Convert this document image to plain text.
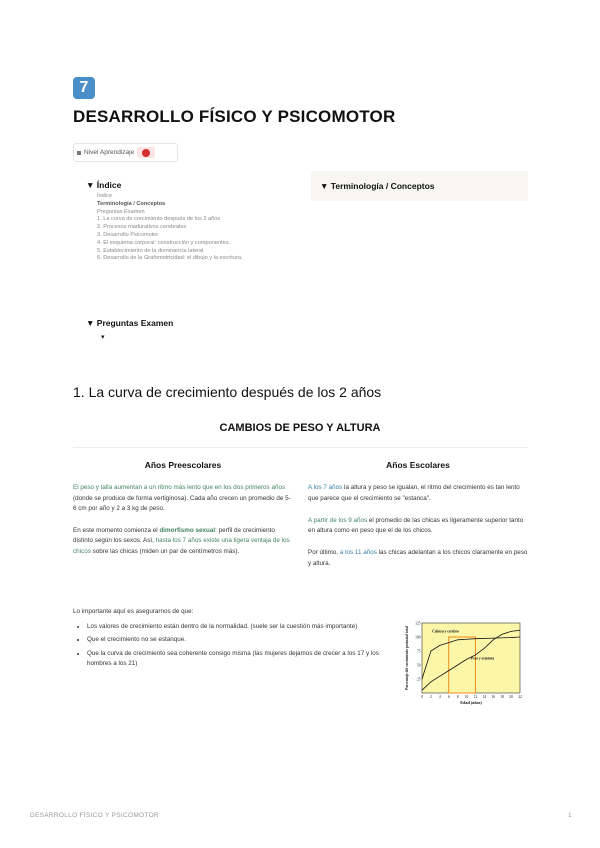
7
DESARROLLO FÍSICO Y PSICOMOTOR
Nivel Aprendizaje
▼ Índice
Índice
Terminología / Conceptos
Preguntas Examen
1. La curva de crecimiento después de los 2 años
2. Procesos madurativos cerebrales
3. Desarrollo Psicomotor
4. El esquema corporal: construcción y componentes.
5. Establecimiento de la dominancia lateral
6. Desarrollo de la Grafomotricidad: el dibujo y la escritura.
▼ Terminología / Conceptos
▼ Preguntas Examen
▾
1. La curva de crecimiento después de los 2 años
CAMBIOS DE PESO Y ALTURA
Años Preescolares

El peso y talla aumentan a un ritmo más lento que en los dos primeros años (donde se produce de forma vertiginosa). Cada año crecen un promedio de 5-6 cm por año y 2 a 3 kg de peso.

En este momento comienza el dimorfismo sexual: perfil de crecimiento distinto según los sexos. Así, hasta los 7 años existe una ligera ventaja de los chicos sobre las chicas (miden un par de centímetros más).

Años Escolares

A los 7 años la altura y peso se igualan, el ritmo del crecimiento es tan lento que parece que el crecimiento se "estanca".

A partir de los 9 años el promedio de las chicas es ligeramente superior tanto en altura como en peso que el de los chicos.

Por último, a los 11 años las chicas adelantan a los chicos claramente en peso y altura.

Lo importante aquí es asegurarnos de que:
• Los valores de crecimiento están dentro de la normalidad. (suele ser la cuestión más importante)
• Que el crecimiento no se estanque.
• Que la curva de crecimiento sea coherente consigo misma (las mujeres dejamos de crecer a los 17 y los hombres a los 21)
Cabeza y cerebro
Peso y estatura
0 2 4 6 8 10 12 14 16 18 20 22
25
50
75
100
125
Edad (años)
Porcentaje del crecimiento postnatal total
DESARROLLO FÍSICO Y PSICOMOTOR	1
